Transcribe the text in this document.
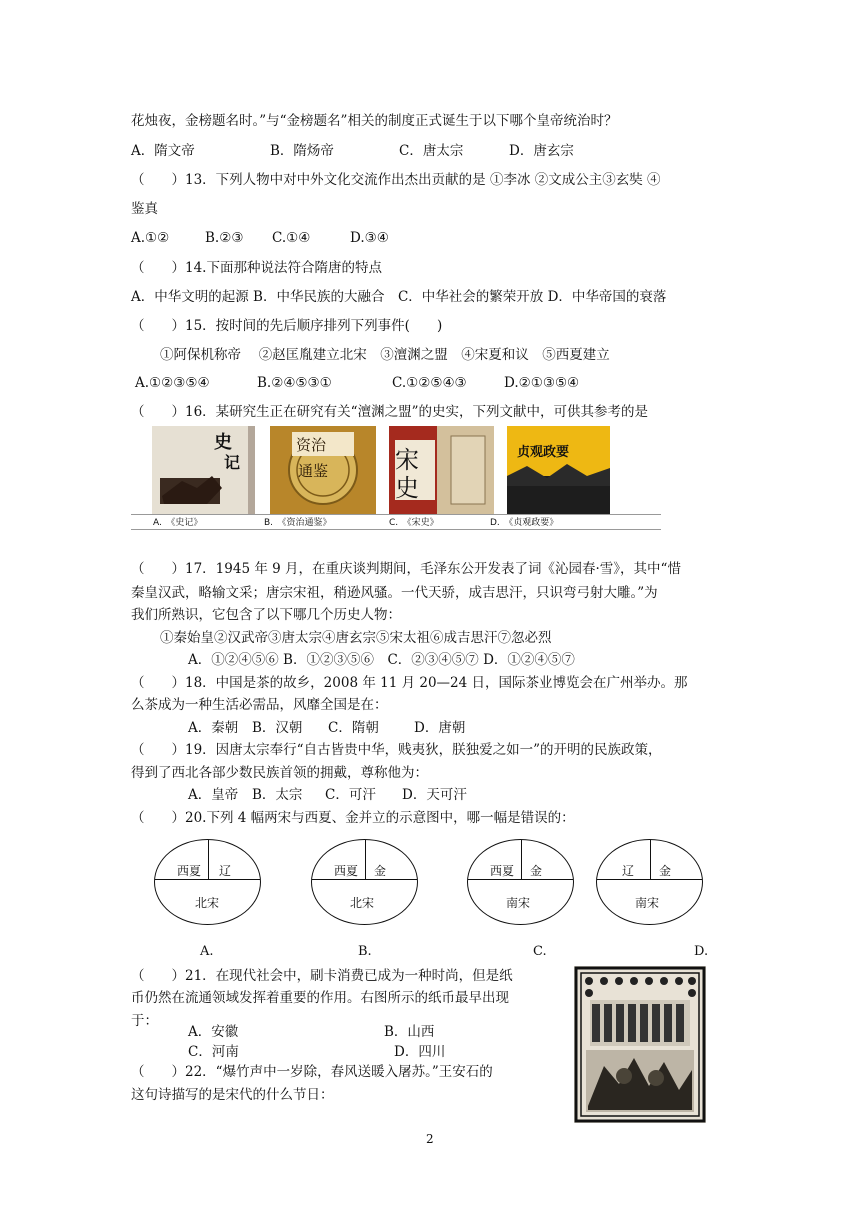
花烛夜，金榜题名时。”与“金榜题名”相关的制度正式诞生于以下哪个皇帝统治时？
A．隋文帝	B．隋炀帝	C．唐太宗	D．唐玄宗
（　　）13．下列人物中对中外文化交流作出杰出贡献的是 ①李冰 ②文成公主③玄奘 ④
鉴真
A.①②	B.②③ C.①④	D.③④
（　　）14.下面那种说法符合隋唐的特点
A．中华文明的起源 B．中华民族的大融合　C．中华社会的繁荣开放 D．中华帝国的衰落
（　　）15．按时间的先后顺序排列下列事件(　　)
①阿保机称帝　 ②赵匡胤建立北宋　③澶渊之盟　④宋夏和议　⑤西夏建立
A.①②③⑤④	B.②④⑤③①	C.①②⑤④③	D.②①③⑤④
（　　）16．某研究生正在研究有关“澶渊之盟”的史实，下列文献中，可供其参考的是
史
记
资治
通鉴	宋
史
贞观政要
A.　《史记》	B.　《资治通鉴》	C.　《宋史》	D.　《贞观政要》
（　　）17．1945 年 9 月，在重庆谈判期间，毛泽东公开发表了词《沁园春·雪》，其中“惜
秦皇汉武，略输文采；唐宗宋祖，稍逊风骚。一代天骄，成吉思汗，只识弯弓射大雕。”为
我们所熟识，它包含了以下哪几个历史人物：
①秦始皇②汉武帝③唐太宗④唐玄宗⑤宋太祖⑥成吉思汗⑦忽必烈
A．①②④⑤⑥ B．①②③⑤⑥　C．②③④⑤⑦ D．①②④⑤⑦
（　　）18．中国是茶的故乡，2008 年 11 月 20—24 日，国际茶业博览会在广州举办。那
么茶成为一种生活必需品，风靡全国是在：
A．秦朝 B．汉朝 C．隋朝	D．唐朝
（　　）19．因唐太宗奉行“自古皆贵中华，贱夷狄，朕独爱之如一”的开明的民族政策，
得到了西北各部少数民族首领的拥戴，尊称他为：
A．皇帝 B．太宗 C．可汗 D．天可汗
（　　）20.下列 4 幅两宋与西夏、金并立的示意图中，哪一幅是错误的：
西夏 辽
北宋
西夏 金
北宋
西夏 金
南宋
辽 金
南宋
A.	B.	C.	D.
（　　）21．在现代社会中，刷卡消费已成为一种时尚，但是纸
币仍然在流通领域发挥着重要的作用。右图所示的纸币最早出现
于：
A．安徽	B．山西
C．河南	D．四川
（　　）22．“爆竹声中一岁除，春风送暖入屠苏。”王安石的
这句诗描写的是宋代的什么节日：
2
